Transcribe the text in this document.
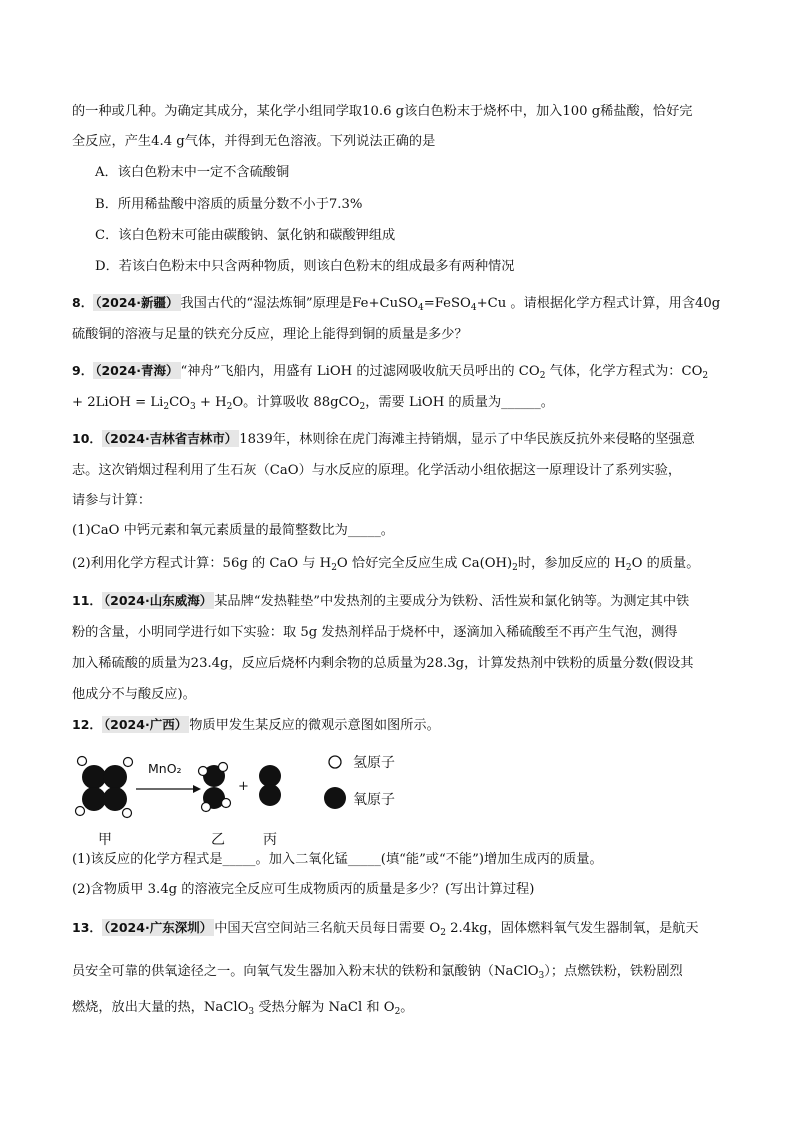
的一种或几种。为确定其成分，某化学小组同学取10.6 g该白色粉末于烧杯中，加入100 g稀盐酸，恰好完
全反应，产生4.4 g气体，并得到无色溶液。下列说法正确的是
A．该白色粉末中一定不含硫酸铜
B．所用稀盐酸中溶质的质量分数不小于7.3%
C．该白色粉末可能由碳酸钠、氯化钠和碳酸钾组成
D．若该白色粉末中只含两种物质，则该白色粉末的组成最多有两种情况
8． （2024·新疆） 我国古代的“湿法炼铜”原理是Fe+CuSO$_4$=FeSO$_4$+Cu 。请根据化学方程式计算，用含40g
硫酸铜的溶液与足量的铁充分反应，理论上能得到铜的质量是多少？
9． （2024·青海） “神舟”飞船内，用盛有 LiOH 的过滤网吸收航天员呼出的 $CO_2$ 气体，化学方程式为：$CO_2$
+ 2LiOH = $Li_2CO_3 + H_2O$。计算吸收 88gCO$_2$，需要 LiOH 的质量为______。
10． （2024·吉林省吉林市） 1839年，林则徐在虎门海滩主持销烟，显示了中华民族反抗外来侵略的坚强意
志。这次销烟过程利用了生石灰（CaO）与水反应的原理。化学活动小组依据这一原理设计了系列实验，
请参与计算：
(1)CaO 中钙元素和氧元素质量的最简整数比为_____。
(2)利用化学方程式计算：56g 的 CaO 与 $H_2O$ 恰好完全反应生成 $Ca(OH)_2$时，参加反应的 $H_2O$ 的质量。
11． （2024·山东威海） 某品牌“发热鞋垫”中发热剂的主要成分为铁粉、活性炭和氯化钠等。为测定其中铁
粉的含量，小明同学进行如下实验：取 5g 发热剂样品于烧杯中，逐滴加入稀硫酸至不再产生气泡，测得
加入稀硫酸的质量为23.4g，反应后烧杯内剩余物的总质量为28.3g，计算发热剂中铁粉的质量分数(假设其
他成分不与酸反应)。
12． （2024·广西） 物质甲发生某反应的微观示意图如图所示。
MnO₂
+
甲	乙	丙
氢原子
氧原子
(1)该反应的化学方程式是_____。加入二氧化锰_____(填“能”或“不能”)增加生成丙的质量。
(2)含物质甲 3.4g 的溶液完全反应可生成物质丙的质量是多少？(写出计算过程)
13． （2024·广东深圳） 中国天宫空间站三名航天员每日需要 $O_2$ 2.4kg，固体燃料氧气发生器制氧，是航天
员安全可靠的供氧途径之一。向氧气发生器加入粉末状的铁粉和氯酸钠（NaClO$_3$）；点燃铁粉，铁粉剧烈
燃烧，放出大量的热，NaClO$_3$ 受热分解为 NaCl 和 $O_2$。
